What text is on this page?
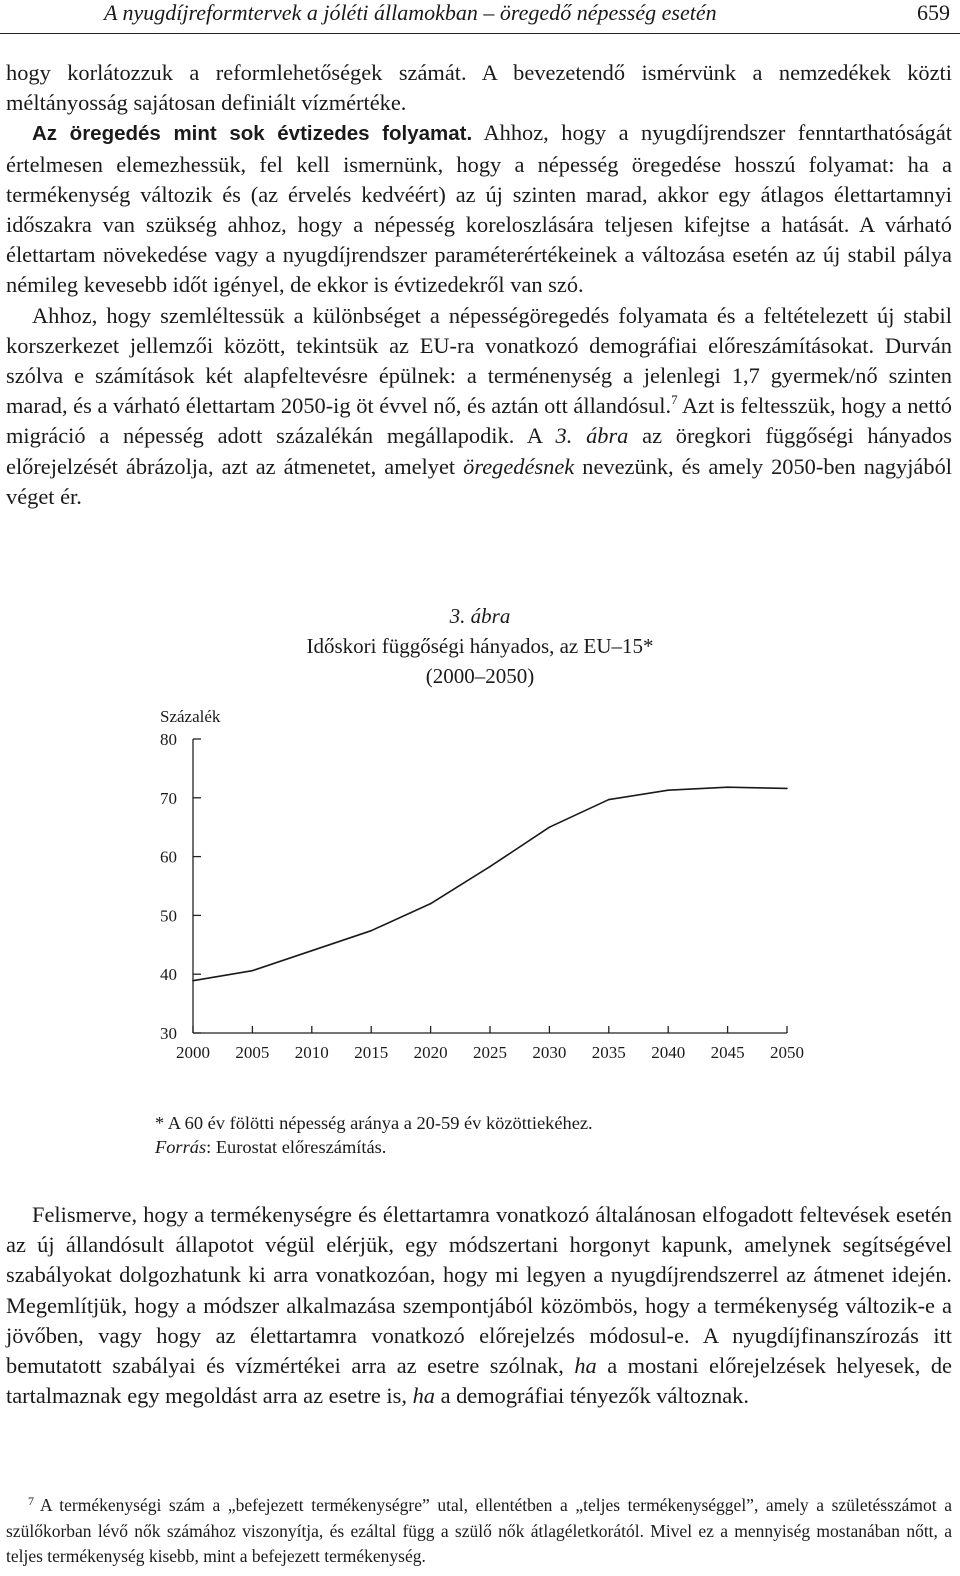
A nyugdíjreformtervek a jóléti államokban – öregedő népesség esetén	659

hogy korlátozzuk a reformlehetőségek számát. A bevezetendő ismérvünk a nemzedékek közti méltányosság sajátosan definiált vízmértéke.

Az öregedés mint sok évtizedes folyamat. Ahhoz, hogy a nyugdíjrendszer fenntarthatóságát értelmesen elemezhessük, fel kell ismernünk, hogy a népesség öregedése hosszú folyamat: ha a termékenység változik és (az érvelés kedvéért) az új szinten marad, akkor egy átlagos élettartamnyi időszakra van szükség ahhoz, hogy a népesség koreloszlására teljesen kifejtse a hatását. A várható élettartam növekedése vagy a nyugdíjrendszer paraméterértékeinek a változása esetén az új stabil pálya némileg kevesebb időt igényel, de ekkor is évtizedekről van szó.

Ahhoz, hogy szemléltessük a különbséget a népességöregedés folyamata és a feltételezett új stabil korszerkezet jellemzői között, tekintsük az EU-ra vonatkozó demográfiai előreszámításokat. Durván szólva e számítások két alapfeltevésre épülnek: a terménenység a jelenlegi 1,7 gyermek/nő szinten marad, és a várható élettartam 2050-ig öt évvel nő, és aztán ott állandósul.$^7$ Azt is feltesszük, hogy a nettó migráció a népesség adott százalékán megállapodik. A 3. ábra az öregkori függőségi hányados előrejelzését ábrázolja, azt az átmenetet, amelyet öregedésnek nevezünk, és amely 2050-ben nagyjából véget ér.

3. ábra
Időskori függőségi hányados, az EU–15*
(2000–2050)
Százalék
30
40
50
60
70
80
2000 2005 2010 2015 2020 2025 2030 2035 2040 2045 2050
* A 60 év fölötti népesség aránya a 20-59 év közöttiekéhez.
Forrás: Eurostat előreszámítás.

Felismerve, hogy a termékenységre és élettartamra vonatkozó általánosan elfogadott feltevések esetén az új állandósult állapotot végül elérjük, egy módszertani horgonyt kapunk, amelynek segítségével szabályokat dolgozhatunk ki arra vonatkozóan, hogy mi legyen a nyugdíjrendszerrel az átmenet idején. Megemlítjük, hogy a módszer alkalmazása szempontjából közömbös, hogy a termékenység változik-e a jövőben, vagy hogy az élettartamra vonatkozó előrejelzés módosul-e. A nyugdíjfinanszírozás itt bemutatott szabályai és vízmértékei arra az esetre szólnak, ha a mostani előrejelzések helyesek, de tartalmaznak egy megoldást arra az esetre is, ha a demográfiai tényezők változnak.

$^7$ A termékenységi szám a „befejezett termékenységre” utal, ellentétben a „teljes termékenységgel”, amely a születésszámot a szülőkorban lévő nők számához viszonyítja, és ezáltal függ a szülő nők átlagéletkorától. Mivel ez a mennyiség mostanában nőtt, a teljes termékenység kisebb, mint a befejezett termékenység.
